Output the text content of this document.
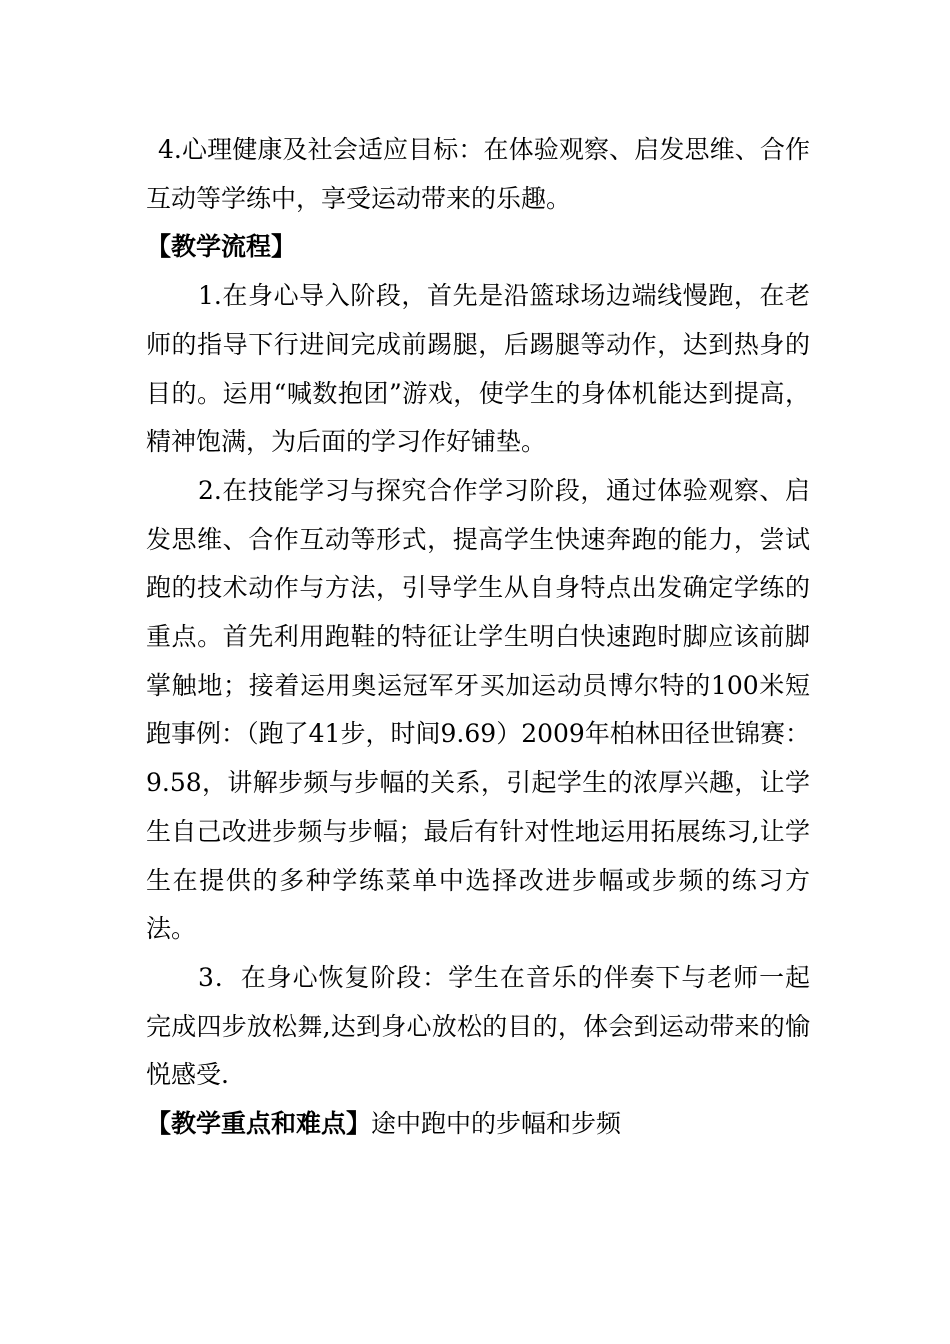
4.心理健康及社会适应目标：在体验观察、启发思维、合作互动等学练中，享受运动带来的乐趣。

【教学流程】

1.在身心导入阶段，首先是沿篮球场边端线慢跑，在老师的指导下行进间完成前踢腿，后踢腿等动作，达到热身的目的。运用“喊数抱团”游戏，使学生的身体机能达到提高，精神饱满，为后面的学习作好铺垫。

2.在技能学习与探究合作学习阶段，通过体验观察、启发思维、合作互动等形式，提高学生快速奔跑的能力，尝试跑的技术动作与方法，引导学生从自身特点出发确定学练的重点。首先利用跑鞋的特征让学生明白快速跑时脚应该前脚掌触地；接着运用奥运冠军牙买加运动员博尔特的100米短跑事例：（跑了41步，时间9.69）2009年柏林田径世锦赛：9.58，讲解步频与步幅的关系，引起学生的浓厚兴趣，让学生自己改进步频与步幅；最后有针对性地运用拓展练习,让学生在提供的多种学练菜单中选择改进步幅或步频的练习方法。

3．在身心恢复阶段：学生在音乐的伴奏下与老师一起完成四步放松舞,达到身心放松的目的，体会到运动带来的愉悦感受.

【教学重点和难点】途中跑中的步幅和步频
